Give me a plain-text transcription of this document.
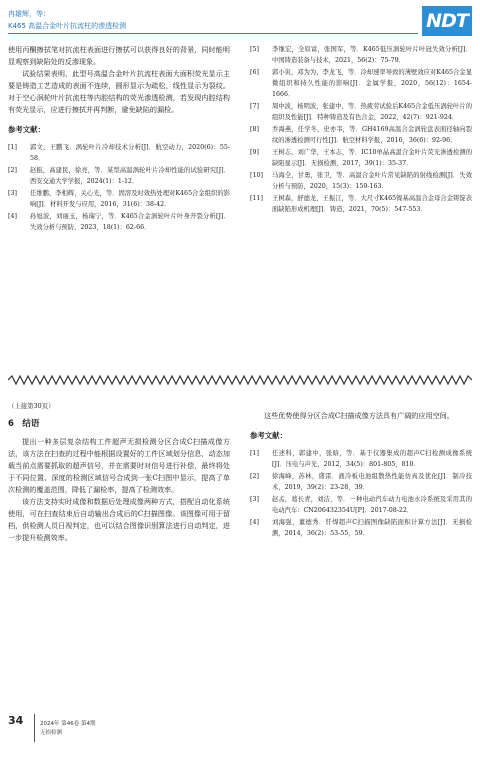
冉雄辉，等：
K465 高温合金叶片抗流柱的渗透检测	NDT

使用丙酮擦拭笔对抗流柱表面进行擦拭可以获得良好的背景，同时能明显观察到缺陷处的反渗现象。

试验结果表明，此型号高温合金叶片抗流柱表面大面积荧光显示主要是铸造工艺造成的表面不连续，圆形显示为疏松，线性显示为裂纹。对于空心涡轮叶片抗流柱等内腔结构的荧光渗透检测，若发现内腔结构有荧光显示，应进行擦拭并再判断，避免缺陷的漏检。

参考文献：
[1]	郭文，王鹏飞．涡轮叶片冷却技术分析[J]．航空动力，2020(6)：55-58．
[2]	赵振，高建民，徐亮，等．某型高温涡轮叶片冷却性能的试验研究[J]．西安交通大学学报，2024(1)：1-12．
[3]	任维鹏，李相辉，关心光，等．固溶及时效热处理对K465合金组织的影响[J]．材料开发与应用，2016，31(6)：38-42．
[4]	孙旭波，刘丽玉，杨瑞宁，等．K465合金涡轮叶片叶身开裂分析[J]．失效分析与预防，2023，18(1)：62-66．
[5]	李继宏，全原富，张国军，等．K465低压涡轮叶片叶冠失效分析[J]．中国铸造装备与技术，2021，56(2)：75-79．
[6]	郭小寅，邓为为，李龙飞，等．冷却速率导致的薄壁效应对K465合金显微组织和持久性能的影响[J]．金属学报，2020，56(12)：1654-1666．
[7]	周中波，杨明波，张建中，等．热疲劳试验后K465合金低压涡轮叶片的组织及性能[J]．特种铸造及有色合金，2022，42(7)：921-924．
[8]	乔海燕，任学冬，史亦韦，等．GH4169高温合金涡轮盘表面径轴向裂纹的渗透检测可行性[J]．航空材料学报，2016，36(6)：92-96．
[9]	王树志，刘广华，王本志，等．IC10单晶高温合金叶片荧光渗透检测的缺陷显示[J]．无损检测，2017，39(1)：35-37．
[10]	马海全，甘勇，张卫，等．高温合金叶片常见缺陷的射线检测[J]．失效分析与预防，2020，15(3)：159-163．
[11]	王树森，舒德龙，王振江，等．大尺寸K465镍基高温合金母合金铸锭表面缺陷形成机理[J]．铸造，2021，70(5)：547-553．
（上接第30页）
6　结语

提出一种多层复杂结构工件超声无损检测分区合成C扫描成像方法，该方法在扫查的过程中能根据设置好的工件区域划分信息，动态加载当前点需要抓取的超声信号，并在需要时对信号进行补偿，最终将处于不同位置、深度的检测区域信号合成到一张C扫图中显示，提高了单次检测的覆盖范围，降低了漏检率，提高了检测效率。

该方法支持实时成像和数据后处理成像两种方式，搭配自动化系统使用，可在扫查结束后自动输出合成后的C扫描图像。该图像可用于留档，供检测人员日视判定，也可以结合图像识别算法进行自动判定，进一步提升检测效率。

这些优势使得分区合成C扫描成像方法具有广阔的应用空间。

参考文献：
[1]	任述科，郭建中，张晗，等．基于仪器集成的超声C扫检测成像系统[J]．压电与声光，2012，34(5)：801-805，810．
[2]	徐海峰，苏林，盛雷．液冷板电池组散热性能仿真及优化[J]．制冷技术，2019，39(2)：23-28，39．
[3]	赵孟，葛长青，刘洁，等．一种电动汽车动力电池水冷系统及采用其的电动汽车：CN206432354U[P]．2017-08-22．
[4]	刘海强，董德秀．钎焊超声C扫描图像缺陷面积计算方法[J]．无损检测，2014，36(2)：53-55，59．
34	2024年 第46卷 第4期
无损检测
